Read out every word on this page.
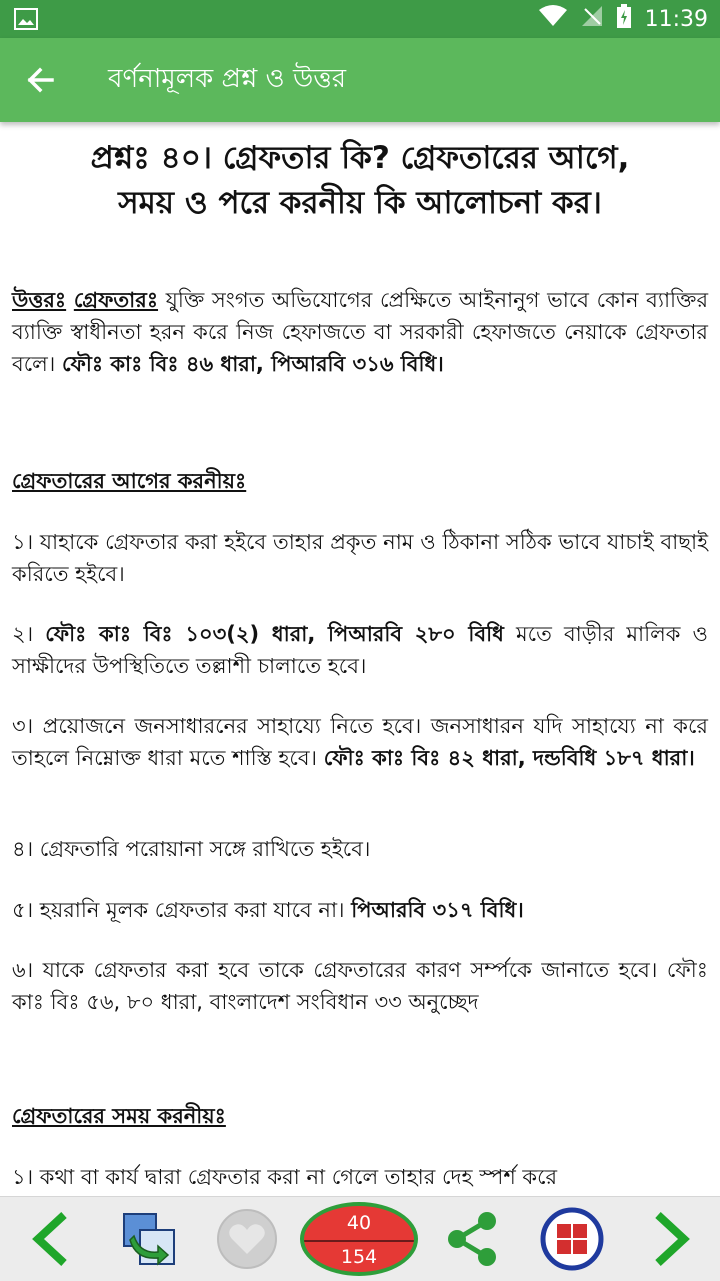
11:39
বর্ণনামূলক প্রশ্ন ও উত্তর
প্রশ্নঃ ৪০। গ্রেফতার কি? গ্রেফতারের আগে,
সময় ও পরে করনীয় কি আলোচনা কর।
উত্তরঃ গ্রেফতারঃ যুক্তি সংগত অভিযোগের প্রেক্ষিতে আইনানুগ ভাবে কোন ব্যাক্তির ব্যাক্তি স্বাধীনতা হরন করে নিজ হেফাজতে বা সরকারী হেফাজতে নেয়াকে গ্রেফতার বলে। ফৌঃ কাঃ বিঃ ৪৬ ধারা, পিআরবি ৩১৬ বিধি।
গ্রেফতারের আগের করনীয়ঃ
১। যাহাকে গ্রেফতার করা হইবে তাহার প্রকৃত নাম ও ঠিকানা সঠিক ভাবে যাচাই বাছাই করিতে হইবে।
২। ফৌঃ কাঃ বিঃ ১০৩(২) ধারা, পিআরবি ২৮০ বিধি মতে বাড়ীর মালিক ও সাক্ষীদের উপস্থিতিতে তল্লাশী চালাতে হবে।
৩। প্রয়োজনে জনসাধারনের সাহায্যে নিতে হবে। জনসাধারন যদি সাহায্যে না করে তাহলে নিম্নোক্ত ধারা মতে শাস্তি হবে। ফৌঃ কাঃ বিঃ ৪২ ধারা, দন্ডবিধি ১৮৭ ধারা।
৪। গ্রেফতারি পরোয়ানা সঙ্গে রাখিতে হইবে।
৫। হয়রানি মূলক গ্রেফতার করা যাবে না। পিআরবি ৩১৭ বিধি।
৬। যাকে গ্রেফতার করা হবে তাকে গ্রেফতারের কারণ সর্ম্পকে জানাতে হবে। ফৌঃ কাঃ বিঃ ৫৬, ৮০ ধারা, বাংলাদেশ সংবিধান ৩৩ অনুচ্ছেদ
গ্রেফতারের সময় করনীয়ঃ
১। কথা বা কার্য দ্বারা গ্রেফতার করা না গেলে তাহার দেহ স্পর্শ করে
40
154
